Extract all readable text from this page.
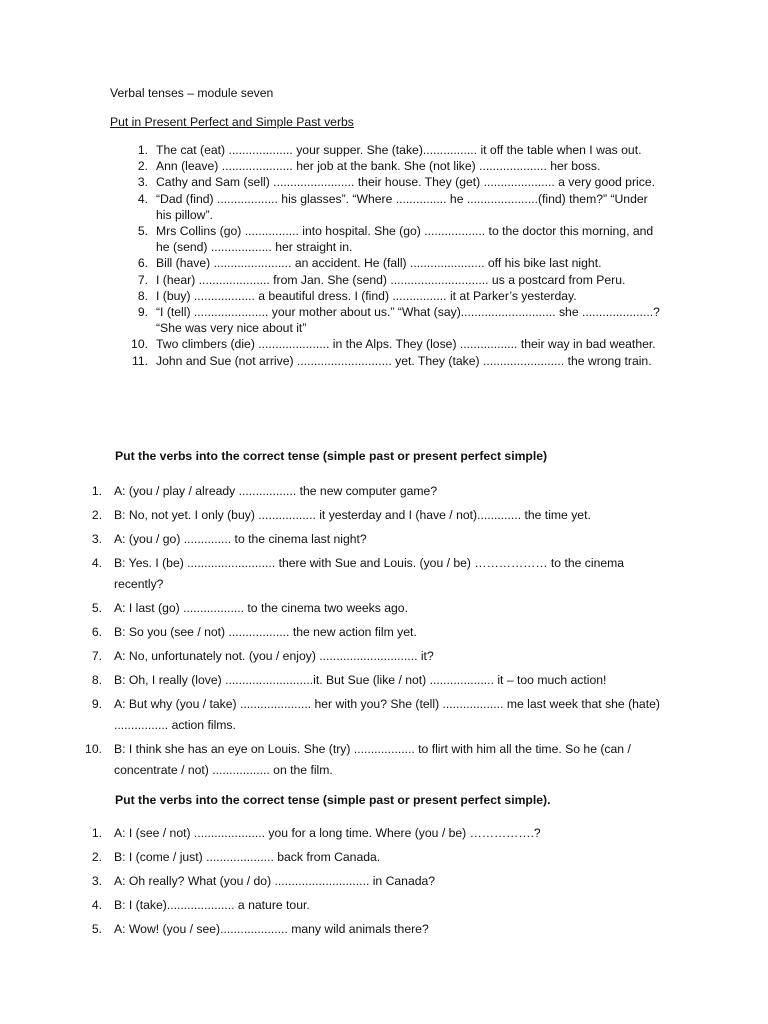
Verbal tenses – module seven
Put in Present Perfect and Simple Past verbs
1. The cat (eat) ................... your supper. She (take)................ it off the table when I was out.
2. Ann (leave) ..................... her job at the bank. She (not like) .................... her boss.
3. Cathy and Sam (sell) ........................ their house. They (get) ..................... a very good price.
4. “Dad (find) .................. his glasses”. “Where ............... he .....................(find) them?” “Under his pillow”.
5. Mrs Collins (go) ................ into hospital. She (go) .................. to the doctor this morning, and he (send) .................. her straight in.
6. Bill (have) ....................... an accident. He (fall) ...................... off his bike last night.
7. I (hear) ..................... from Jan. She (send) ............................. us a postcard from Peru.
8. I (buy) .................. a beautiful dress. I (find) ................ it at Parker’s yesterday.
9. “I (tell) ...................... your mother about us.” “What (say)............................ she .....................? “She was very nice about it”
10. Two climbers (die) ..................... in the Alps. They (lose) ................. their way in bad weather.
11. John and Sue (not arrive) ............................ yet. They (take) ........................ the wrong train.
Put the verbs into the correct tense (simple past or present perfect simple)
1. A: (you / play / already ................. the new computer game?
2. B: No, not yet. I only (buy) ................. it yesterday and I (have / not)............. the time yet.
3. A: (you / go) .............. to the cinema last night?
4. B: Yes. I (be) .......................... there with Sue and Louis. (you / be) ……………… to the cinema recently?
5. A: I last (go) .................. to the cinema two weeks ago.
6. B: So you (see / not) .................. the new action film yet.
7. A: No, unfortunately not. (you / enjoy) ............................. it?
8. B: Oh, I really (love) ..........................it. But Sue (like / not) ................... it – too much action!
9. A: But why (you / take) ..................... her with you? She (tell) .................. me last week that she (hate) ................ action films.
10. B: I think she has an eye on Louis. She (try) .................. to flirt with him all the time. So he (can / concentrate / not) ................. on the film.
Put the verbs into the correct tense (simple past or present perfect simple).
1. A: I (see / not) ..................... you for a long time. Where (you / be) …………….?
2. B: I (come / just) .................... back from Canada.
3. A: Oh really? What (you / do) ............................ in Canada?
4. B: I (take).................... a nature tour.
5. A: Wow! (you / see).................... many wild animals there?
